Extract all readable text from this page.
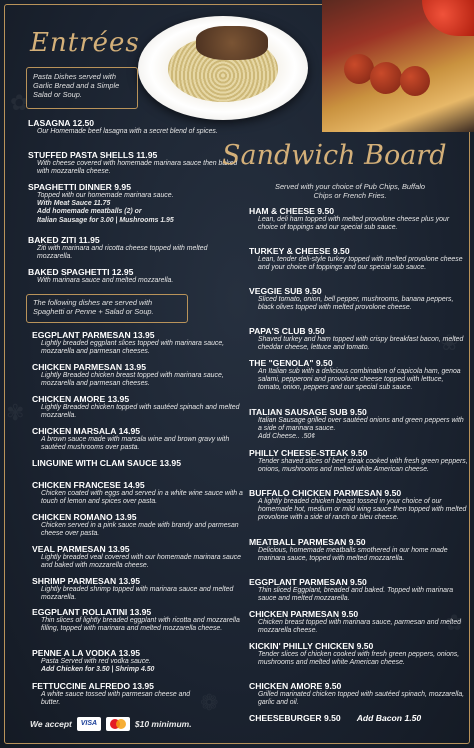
✿
❀
✾
✿
❁
Entrées
Pasta Dishes served with Garlic Bread and a Simple Salad or Soup.
LASAGNA 12.50
Our Homemade beef lasagna with a secret blend of spices.
STUFFED PASTA SHELLS 11.95
With cheese covered with homemade marinara sauce then baked with mozzarella cheese.
SPAGHETTI DINNER 9.95
Topped with our homemade marinara sauce.
With Meat Sauce 11.75
Add homemade meatballs (2) or
Italian Sausage for 3.00 | Mushrooms 1.95
BAKED ZITI 11.95
Ziti with marinara and ricotta cheese topped with melted mozzarella.
BAKED SPAGHETTI 12.95
With marinara sauce and melted mozzarella.
The following dishes are served with Spaghetti or Penne + Salad or Soup.
EGGPLANT PARMESAN 13.95
Lightly breaded eggplant slices topped with marinara sauce, mozzarella and parmesan cheeses.
CHICKEN PARMESAN 13.95
Lightly Breaded chicken breast topped with marinara sauce, mozzarella and parmesan cheeses.
CHICKEN AMORE 13.95
Lightly Breaded chicken topped with sautéed spinach and melted mozzarella.
CHICKEN MARSALA 14.95
A brown sauce made with marsala wine and brown gravy with sautéed mushrooms over pasta.
LINGUINE WITH CLAM SAUCE 13.95
CHICKEN FRANCESE 14.95
Chicken coated with eggs and served in a white wine sauce with a touch of lemon and spices over pasta.
CHICKEN ROMANO 13.95
Chicken served in a pink sauce made with brandy and parmesan cheese over pasta.
VEAL PARMESAN 13.95
Lightly breaded veal covered with our homemade marinara sauce and baked with mozzarella cheese.
SHRIMP PARMESAN 13.95
Lightly breaded shrimp topped with marinara sauce and melted mozzarella.
EGGPLANT ROLLATINI 13.95
Thin slices of lightly breaded eggplant with ricotta and mozzarella filling, topped with marinara and melted mozzarella cheese.
PENNE A LA VODKA 13.95
Pasta Served with red vodka sauce.
Add Chicken for 3.50 | Shrimp 4.50
FETTUCCINE ALFREDO 13.95
A white sauce tossed with parmesan cheese and butter.
We accept	VISA	$10 minimum.
Sandwich Board
Served with your choice of Pub Chips, Buffalo Chips or French Fries.
HAM & CHEESE 9.50
Lean, deli ham topped with melted provolone cheese plus your choice of toppings and our special sub sauce.
TURKEY & CHEESE 9.50
Lean, tender deli-style turkey topped with melted provolone cheese and your choice of toppings and our special sub sauce.
VEGGIE SUB 9.50
Sliced tomato, onion, bell pepper, mushrooms, banana peppers, black olives topped with melted provolone cheese.
PAPA'S CLUB 9.50
Shaved turkey and ham topped with crispy breakfast bacon, melted cheddar cheese, lettuce and tomato.
THE "GENOLA" 9.50
An Italian sub with a delicious combination of capicola ham, genoa salami, pepperoni and provolone cheese topped with lettuce, tomato, onion, peppers and our special sub sauce.
ITALIAN SAUSAGE SUB 9.50
Italian Sausage grilled over sautéed onions and green peppers with a side of marinara sauce.
Add Cheese.. .50¢
PHILLY CHEESE-STEAK 9.50
Tender shaved slices of beef steak cooked with fresh green peppers, onions, mushrooms and melted white American cheese.
BUFFALO CHICKEN PARMESAN 9.50
A lightly breaded chicken breast tossed in your choice of our homemade hot, medium or mild wing sauce then topped with melted provolone with a side of ranch or bleu cheese.
MEATBALL PARMESAN 9.50
Delicious, homemade meatballs smothered in our home made marinara sauce, topped with melted mozzarella.
EGGPLANT PARMESAN 9.50
Thin sliced Eggplant, breaded and baked. Topped with marinara sauce and melted mozzarella.
CHICKEN PARMESAN 9.50
Chicken breast topped with marinara sauce, parmesan and melted mozzarella cheese.
KICKIN' PHILLY CHICKEN 9.50
Tender slices of chicken cooked with fresh green peppers, onions, mushrooms and melted white American cheese.
CHICKEN AMORE 9.50
Grilled marinated chicken topped with sautéed spinach, mozzarella, garlic and oil.
CHEESEBURGER 9.50 Add Bacon 1.50
